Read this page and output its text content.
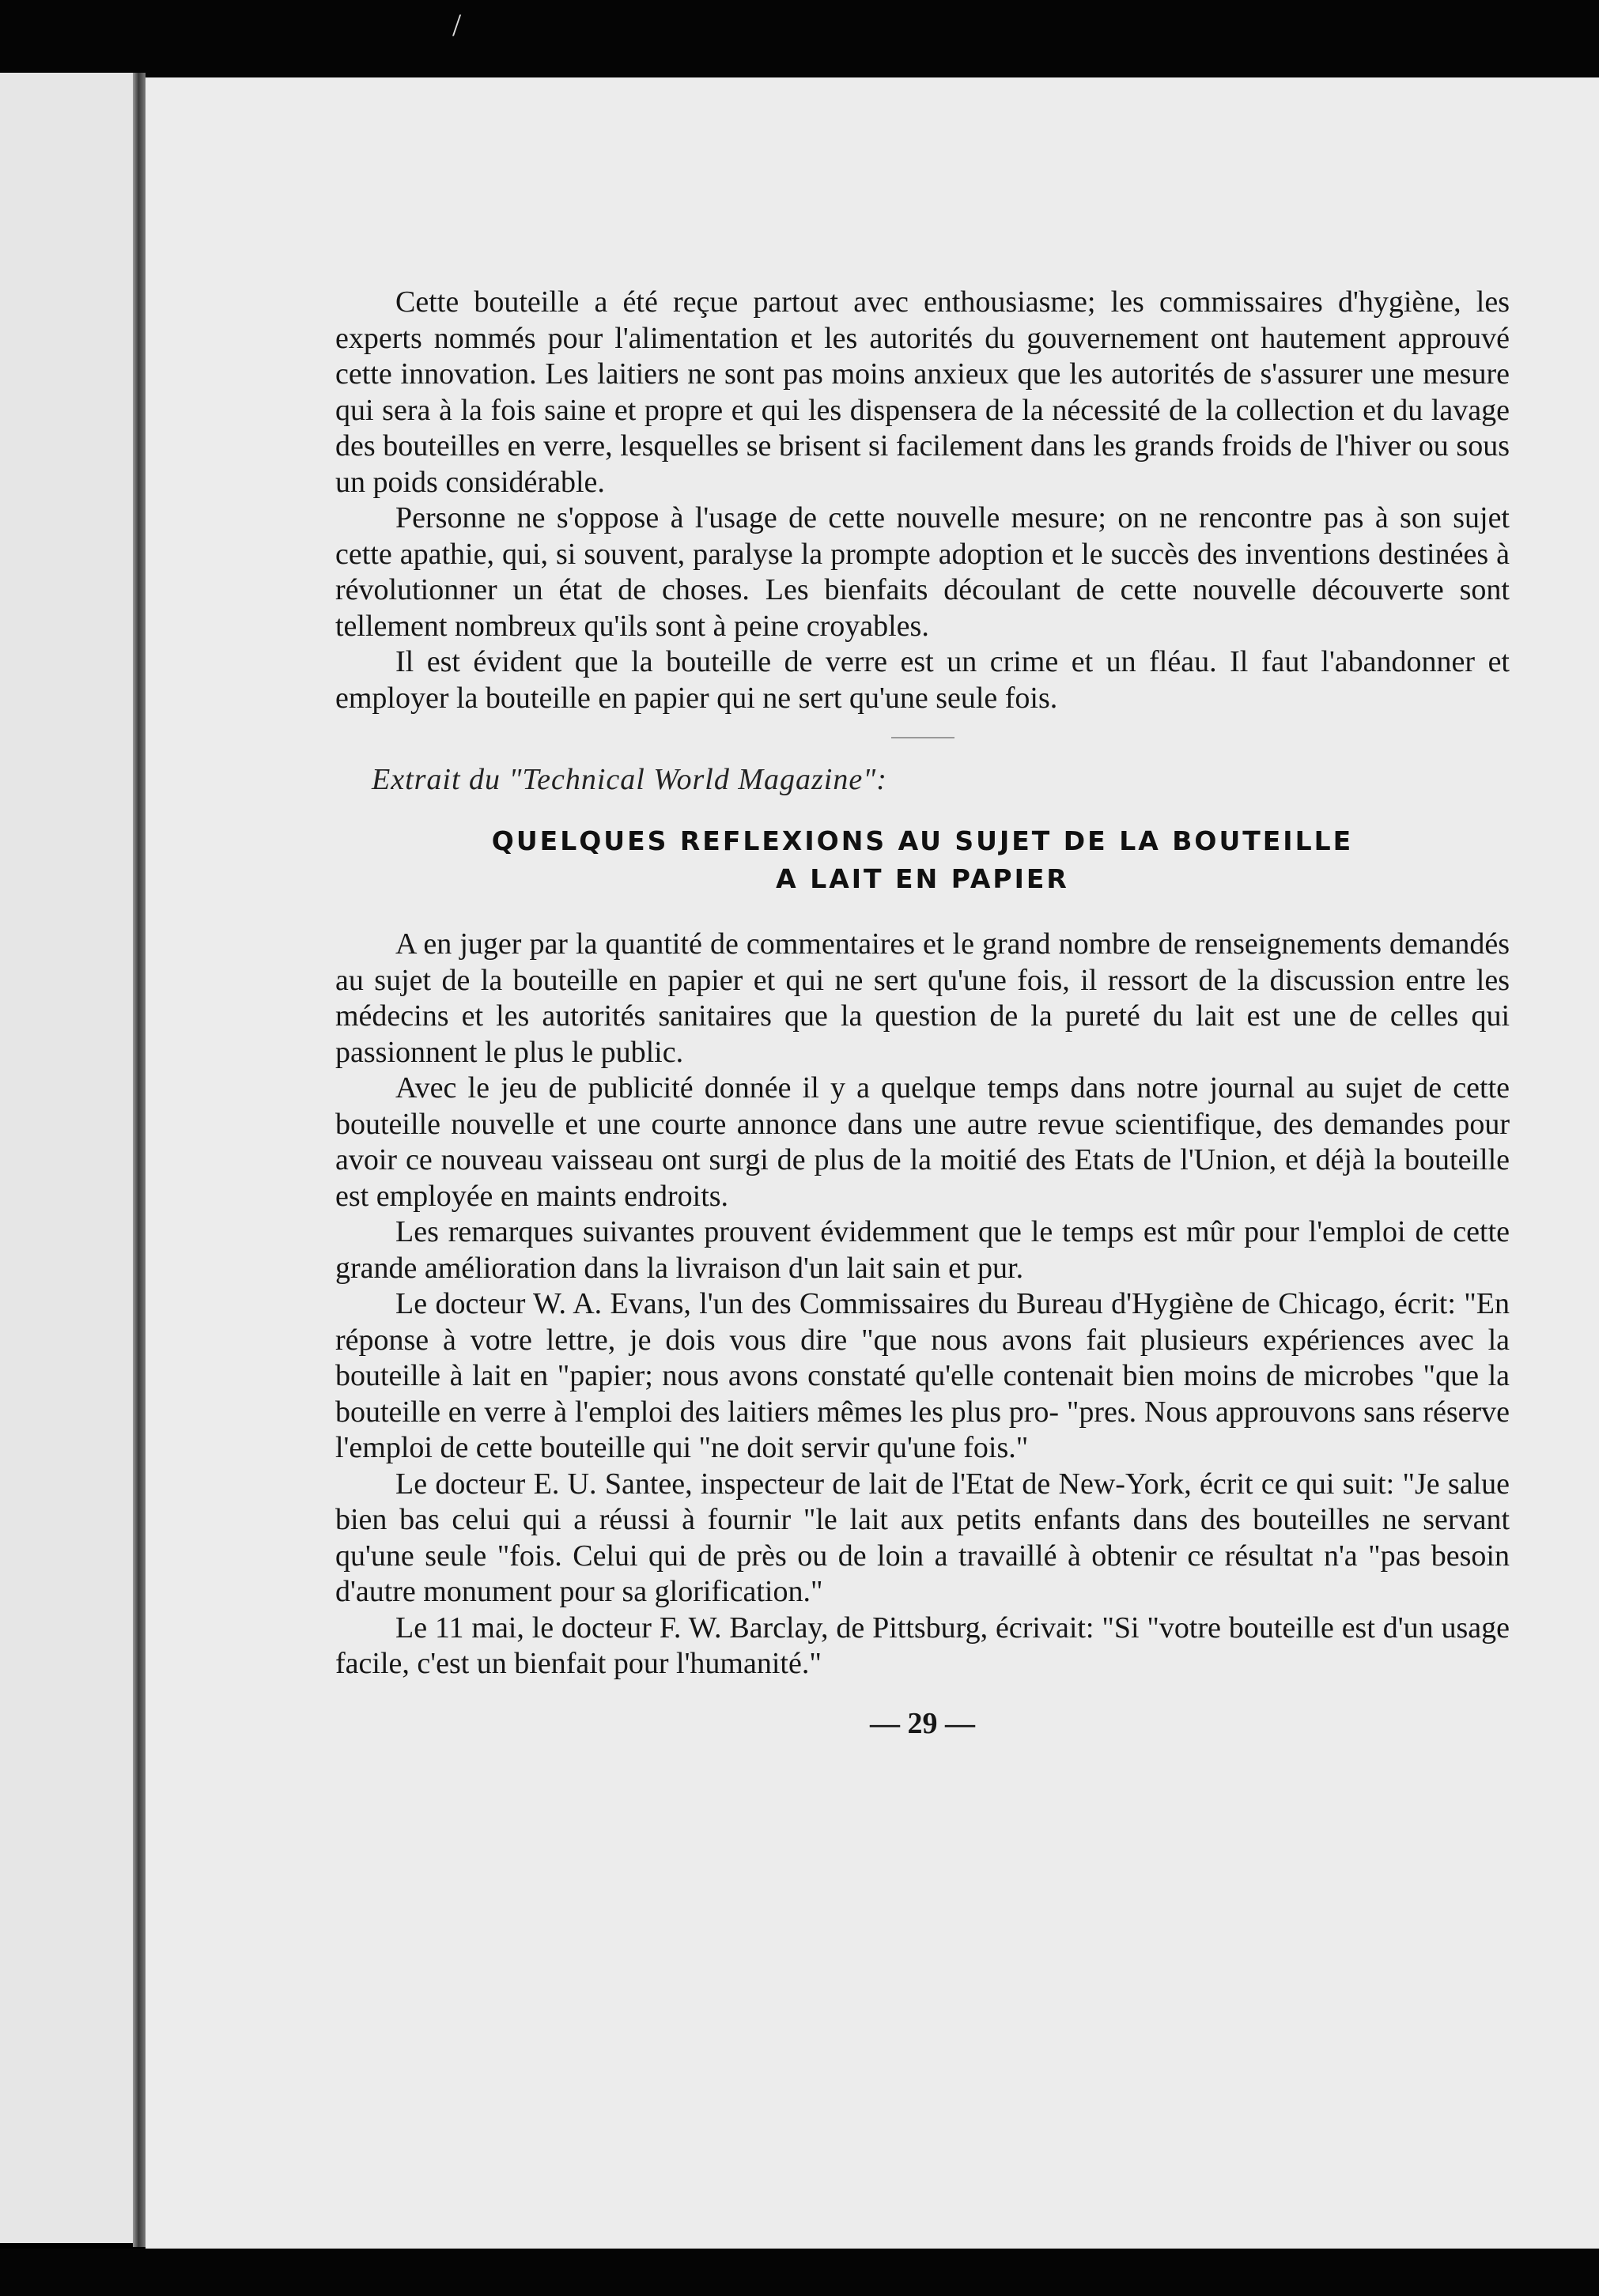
/

Cette bouteille a été reçue partout avec enthousiasme; les commissaires d'hygiène, les experts nommés pour l'alimentation et les autorités du gouvernement ont hautement approuvé cette innovation. Les laitiers ne sont pas moins anxieux que les autorités de s'assurer une mesure qui sera à la fois saine et propre et qui les dispensera de la nécessité de la collection et du lavage des bouteilles en verre, lesquelles se brisent si facilement dans les grands froids de l'hiver ou sous un poids considérable.

Personne ne s'oppose à l'usage de cette nouvelle mesure; on ne rencontre pas à son sujet cette apathie, qui, si souvent, paralyse la prompte adoption et le succès des inventions destinées à révolutionner un état de choses. Les bienfaits découlant de cette nouvelle découverte sont tellement nombreux qu'ils sont à peine croyables.

Il est évident que la bouteille de verre est un crime et un fléau. Il faut l'abandonner et employer la bouteille en papier qui ne sert qu'une seule fois.

Extrait du "Technical World Magazine":

QUELQUES REFLEXIONS AU SUJET DE LA BOUTEILLE
A LAIT EN PAPIER

A en juger par la quantité de commentaires et le grand nombre de renseignements demandés au sujet de la bouteille en papier et qui ne sert qu'une fois, il ressort de la discussion entre les médecins et les autorités sanitaires que la question de la pureté du lait est une de celles qui passionnent le plus le public.

Avec le jeu de publicité donnée il y a quelque temps dans notre journal au sujet de cette bouteille nouvelle et une courte annonce dans une autre revue scientifique, des demandes pour avoir ce nouveau vaisseau ont surgi de plus de la moitié des Etats de l'Union, et déjà la bouteille est employée en maints endroits.

Les remarques suivantes prouvent évidemment que le temps est mûr pour l'emploi de cette grande amélioration dans la livraison d'un lait sain et pur.

Le docteur W. A. Evans, l'un des Commissaires du Bureau d'Hygiène de Chicago, écrit: "En réponse à votre lettre, je dois vous dire "que nous avons fait plusieurs expériences avec la bouteille à lait en "papier; nous avons constaté qu'elle contenait bien moins de microbes "que la bouteille en verre à l'emploi des laitiers mêmes les plus pro- "pres. Nous approuvons sans réserve l'emploi de cette bouteille qui "ne doit servir qu'une fois."

Le docteur E. U. Santee, inspecteur de lait de l'Etat de New-York, écrit ce qui suit: "Je salue bien bas celui qui a réussi à fournir "le lait aux petits enfants dans des bouteilles ne servant qu'une seule "fois. Celui qui de près ou de loin a travaillé à obtenir ce résultat n'a "pas besoin d'autre monument pour sa glorification."

Le 11 mai, le docteur F. W. Barclay, de Pittsburg, écrivait: "Si "votre bouteille est d'un usage facile, c'est un bienfait pour l'humanité."

— 29 —
